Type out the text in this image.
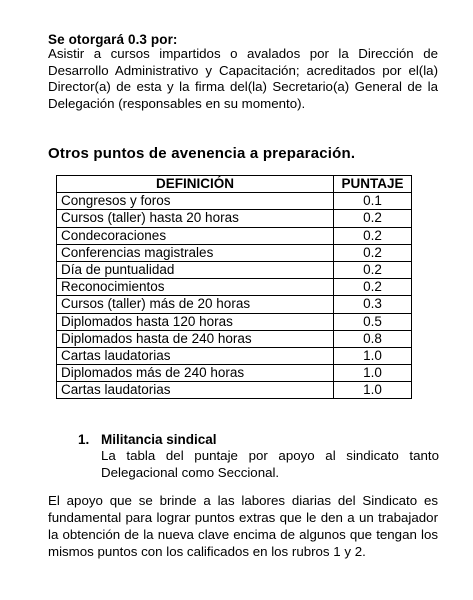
Se otorgará 0.3 por:
Asistir a cursos impartidos o avalados por la Dirección de Desarrollo Administrativo y Capacitación; acreditados por el(la) Director(a) de esta y la firma del(la) Secretario(a) General de la Delegación (responsables en su momento).
Otros puntos de avenencia a preparación.
DEFINICIÓN	PUNTAJE
Congresos y foros	0.1
Cursos (taller) hasta 20 horas	0.2
Condecoraciones	0.2
Conferencias magistrales	0.2
Día de puntualidad	0.2
Reconocimientos	0.2
Cursos (taller) más de 20 horas	0.3
Diplomados hasta 120 horas	0.5
Diplomados hasta de 240 horas	0.8
Cartas laudatorias	1.0
Diplomados más de 240 horas	1.0
Cartas laudatorias	1.0
1. Militancia sindical
La tabla del puntaje por apoyo al sindicato tanto Delegacional como Seccional.
El apoyo que se brinde a las labores diarias del Sindicato es fundamental para lograr puntos extras que le den a un trabajador la obtención de la nueva clave encima de algunos que tengan los mismos puntos con los calificados en los rubros 1 y 2.
